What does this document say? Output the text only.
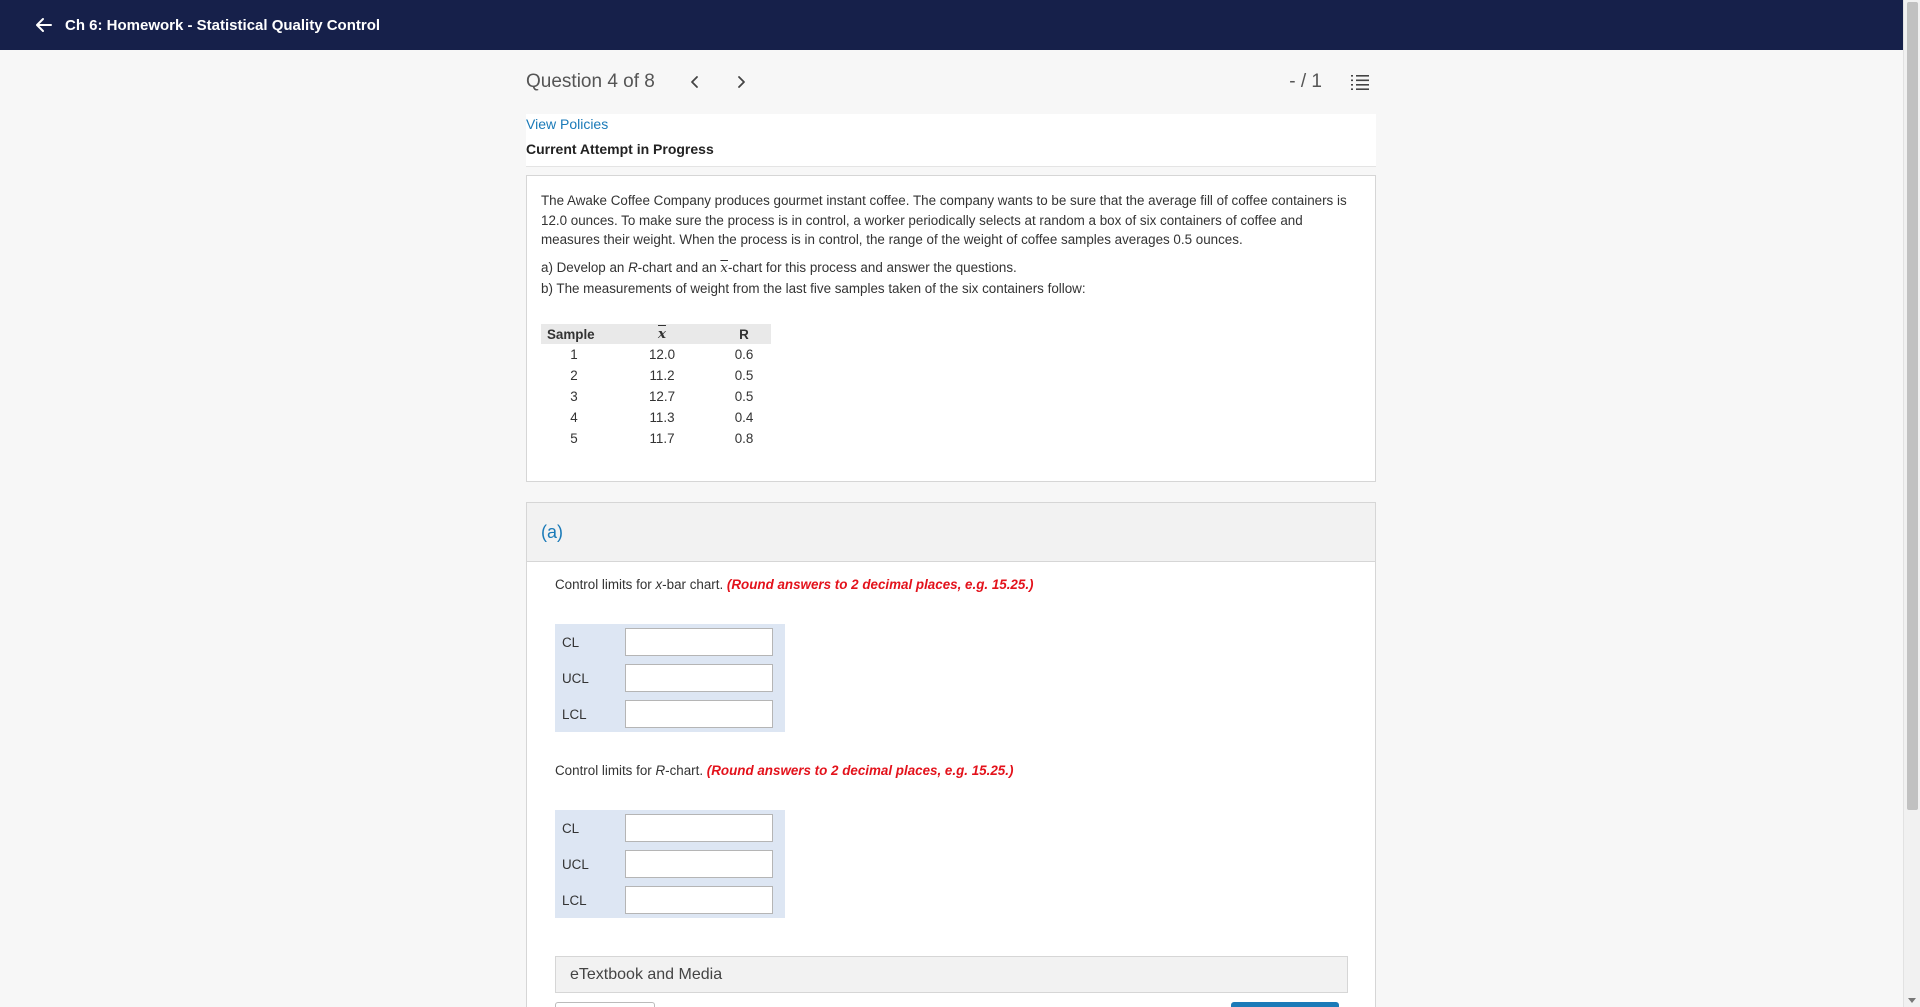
Ch 6: Homework - Statistical Quality Control
Question 4 of 8	- / 1
View Policies
Current Attempt in Progress

The Awake Coffee Company produces gourmet instant coffee. The company wants to be sure that the average fill of coffee containers is 12.0 ounces. To make sure the process is in control, a worker periodically selects at random a box of six containers of coffee and measures their weight. When the process is in control, the range of the weight of coffee samples averages 0.5 ounces.

a) Develop an R-chart and an $\overline{x}$-chart for this process and answer the questions.
b) The measurements of weight from the last five samples taken of the six containers follow:
Sample	$\overline{x}$	R
1	12.0	0.6
2	11.2	0.5
3	12.7	0.5
4	11.3	0.4
5	11.7	0.8
(a)
Control limits for x-bar chart. (Round answers to 2 decimal places, e.g. 15.25.)
CL
UCL
LCL
Control limits for R-chart. (Round answers to 2 decimal places, e.g. 15.25.)
CL
UCL
LCL
eTextbook and Media
